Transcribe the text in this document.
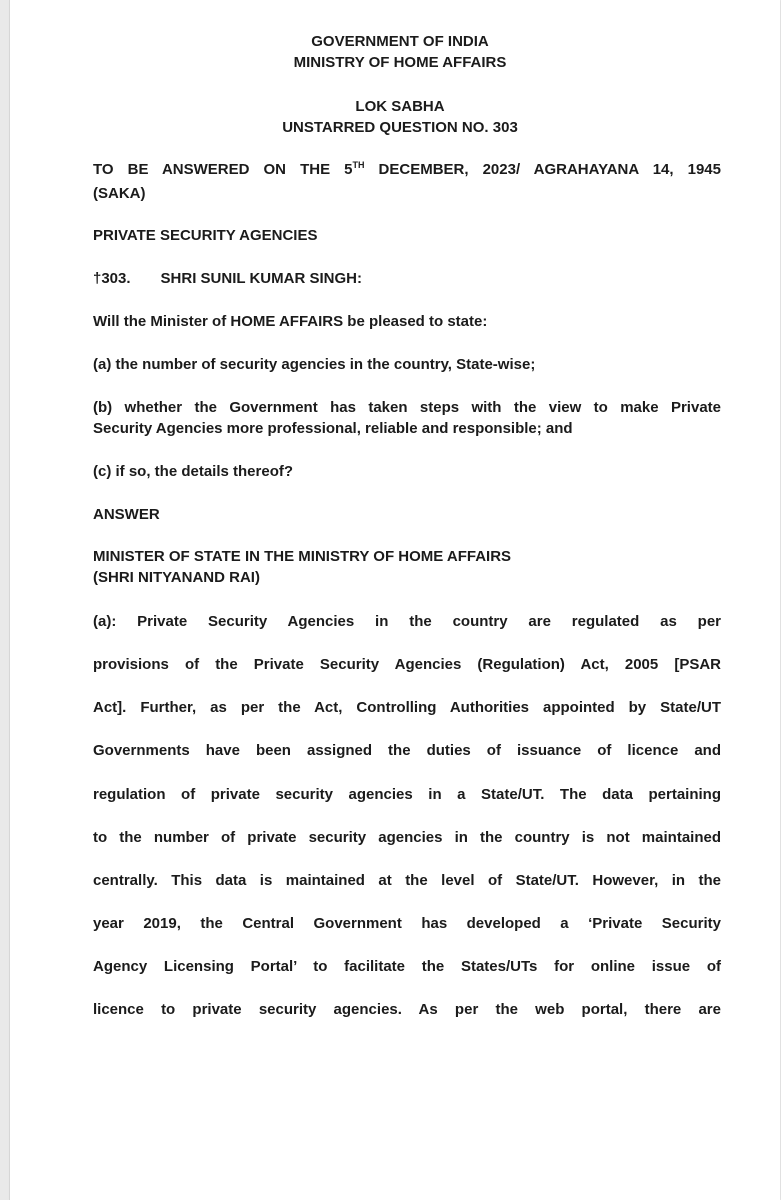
GOVERNMENT OF INDIA
MINISTRY OF HOME AFFAIRS
LOK SABHA
UNSTARRED QUESTION NO. 303
TO BE ANSWERED ON THE 5TH DECEMBER, 2023/ AGRAHAYANA 14, 1945
(SAKA)
PRIVATE SECURITY AGENCIES
†303. SHRI SUNIL KUMAR SINGH:
Will the Minister of HOME AFFAIRS be pleased to state:
(a) the number of security agencies in the country, State-wise;
(b) whether the Government has taken steps with the view to make Private
Security Agencies more professional, reliable and responsible; and
(c) if so, the details thereof?
ANSWER
MINISTER OF STATE IN THE MINISTRY OF HOME AFFAIRS
(SHRI NITYANAND RAI)
(a): Private Security Agencies in the country are regulated as per
provisions of the Private Security Agencies (Regulation) Act, 2005 [PSAR
Act]. Further, as per the Act, Controlling Authorities appointed by State/UT
Governments have been assigned the duties of issuance of licence and
regulation of private security agencies in a State/UT. The data pertaining
to the number of private security agencies in the country is not maintained
centrally. This data is maintained at the level of State/UT. However, in the
year 2019, the Central Government has developed a ‘Private Security
Agency Licensing Portal’ to facilitate the States/UTs for online issue of
licence to private security agencies. As per the web portal, there are
